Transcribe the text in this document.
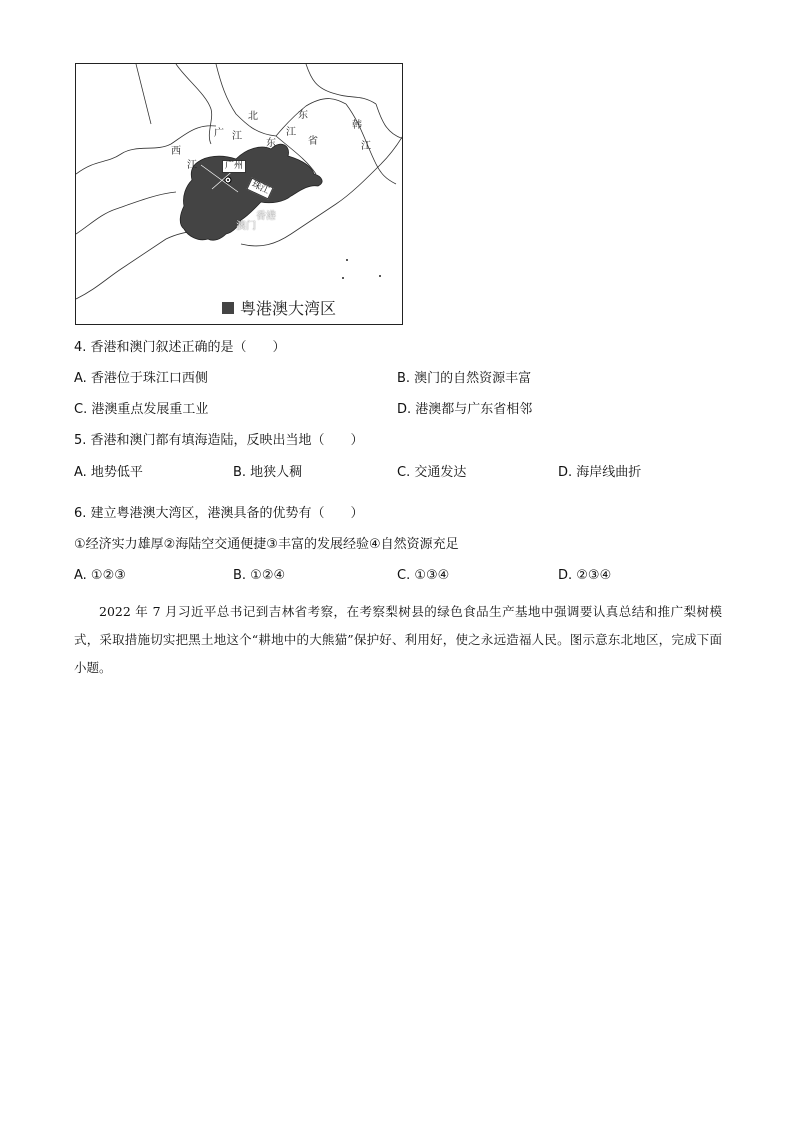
北	东
广 江
东
江
省
韩
江
西
江	广州
珠江
香港
澳门
粤港澳大湾区
4. 香港和澳门叙述正确的是（　　）
A. 香港位于珠江口西侧	B. 澳门的自然资源丰富
C. 港澳重点发展重工业	D. 港澳都与广东省相邻
5. 香港和澳门都有填海造陆，反映出当地（　　）
A. 地势低平	B. 地狭人稠	C. 交通发达	D. 海岸线曲折
6. 建立粤港澳大湾区，港澳具备的优势有（　　）
①经济实力雄厚②海陆空交通便捷③丰富的发展经验④自然资源充足
A. ①②③	B. ①②④	C. ①③④	D. ②③④
2022 年 7 月习近平总书记到吉林省考察，在考察梨树县的绿色食品生产基地中强调要认真总结和推广梨树模式，采取措施切实把黑土地这个“耕地中的大熊猫”保护好、利用好，使之永远造福人民。图示意东北地区，完成下面小题。
